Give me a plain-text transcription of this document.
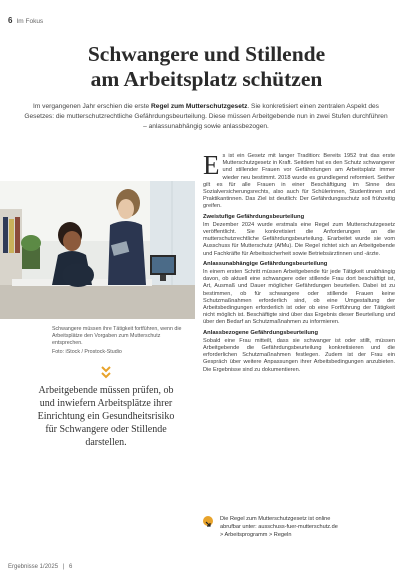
6 Im Fokus
Schwangere und Stillende
am Arbeitsplatz schützen
Im vergangenen Jahr erschien die erste Regel zum Mutterschutzgesetz. Sie konkretisiert einen zentralen Aspekt des Gesetzes: die mutterschutzrechtliche Gefährdungsbeurteilung. Diese müssen Arbeitgebende nun in zwei Stufen durchführen – anlassunabhängig sowie anlassbezogen.
Schwangere müssen ihre Tätigkeit fortführen, wenn die Arbeitsplätze den Vorgaben zum Mutterschutz entsprechen.
Foto: iStock / Prostock-Studio
Arbeitgebende müssen prüfen, ob und inwiefern Arbeitsplätze ihrer Einrichtung ein Gesundheitsrisiko für Schwangere oder Stillende darstellen.

Es ist ein Gesetz mit langer Tradition: Bereits 1952 trat das erste Mutterschutzgesetz in Kraft. Seitdem hat es den Schutz schwangerer und stillender Frauen vor Gefährdungen am Arbeitsplatz immer wieder neu bestimmt. 2018 wurde es grundlegend reformiert. Seither gilt es für alle Frauen in einer Beschäftigung im Sinne des Sozialversicherungsrechts, also auch für Schülerinnen, Studentinnen und Praktikantinnen. Das Ziel ist deutlich: Der Gefährdungsschutz soll frühzeitig greifen.

Zweistufige Gefährdungsbeurteilung

Im Dezember 2024 wurde erstmals eine Regel zum Mutterschutzgesetz veröffentlicht. Sie konkretisiert die Anforderungen an die mutterschutzrechtliche Gefährdungsbeurteilung. Erarbeitet wurde sie vom Ausschuss für Mutterschutz (AfMu). Die Regel richtet sich an Arbeitgebende und Fachkräfte für Arbeitssicherheit sowie Betriebsärztinnen und -ärzte.

Anlassunabhängige Gefährdungsbeurteilung

In einem ersten Schritt müssen Arbeitgebende für jede Tätigkeit unabhängig davon, ob aktuell eine schwangere oder stillende Frau dort beschäftigt ist, Art, Ausmaß und Dauer möglicher Gefährdungen beurteilen. Dabei ist zu bestimmen, ob für schwangere oder stillende Frauen keine Schutzmaßnahmen erforderlich sind, ob eine Umgestaltung der Arbeitsbedingungen erforderlich ist oder ob eine Fortführung der Tätigkeit nicht möglich ist. Beschäftigte sind über das Ergebnis dieser Beurteilung und über den Bedarf an Schutzmaßnahmen zu informieren.

Anlassbezogene Gefährdungsbeurteilung

Sobald eine Frau mitteilt, dass sie schwanger ist oder stillt, müssen Arbeitgebende die Gefährdungsbeurteilung konkretisieren und die erforderlichen Schutzmaßnahmen festlegen. Zudem ist der Frau ein Gespräch über weitere Anpassungen ihrer Arbeitsbedingungen anzubieten. Die Ergebnisse sind zu dokumentieren.

Die Regel zum Mutterschutzgesetz ist online
abrufbar unter: ausschuss-fuer-mutterschutz.de
> Arbeitsprogramm > Regeln
Ergebnisse 1/2025 | 6
